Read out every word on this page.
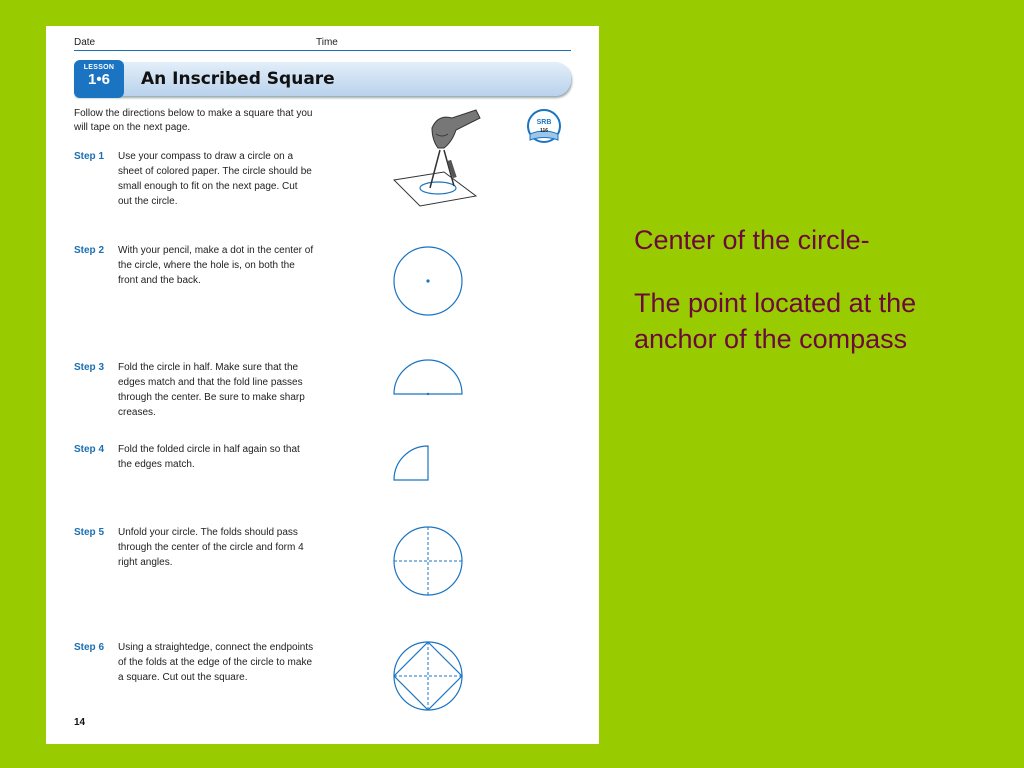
Date	Time
LESSON
1•6	An Inscribed Square
SRB
116
Follow the directions below to make a square that you will tape on the next page.
Step 1 Use your compass to draw a circle on a sheet of colored paper. The circle should be small enough to fit on the next page. Cut out the circle.
Step 2 With your pencil, make a dot in the center of the circle, where the hole is, on both the front and the back.
Step 3 Fold the circle in half. Make sure that the edges match and that the fold line passes through the center. Be sure to make sharp creases.
Step 4 Fold the folded circle in half again so that the edges match.
Step 5 Unfold your circle. The folds should pass through the center of the circle and form 4 right angles.
Step 6 Using a straightedge, connect the endpoints of the folds at the edge of the circle to make a square. Cut out the square.
14
Center of the circle-
The point located at the anchor of the compass
